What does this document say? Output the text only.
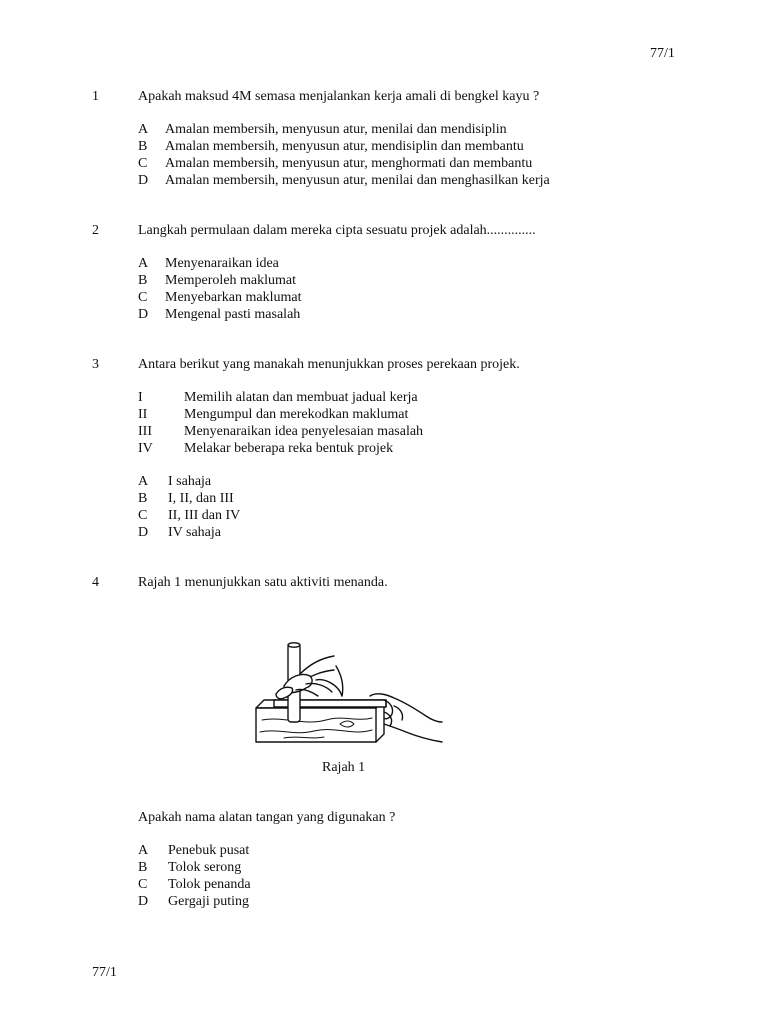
77/1
1	Apakah maksud 4M semasa menjalankan kerja amali di bengkel kayu ?
A Amalan membersih, menyusun atur, menilai dan mendisiplin
B Amalan membersih, menyusun atur, mendisiplin dan membantu
C Amalan membersih, menyusun atur, menghormati dan membantu
D Amalan membersih, menyusun atur, menilai dan menghasilkan kerja
2	Langkah permulaan dalam mereka cipta sesuatu projek adalah..............
A Menyenaraikan idea
B Memperoleh maklumat
C Menyebarkan maklumat
D Mengenal pasti masalah
3	Antara berikut yang manakah menunjukkan proses perekaan projek.
I	Memilih alatan dan membuat jadual kerja
II	Mengumpul dan merekodkan maklumat
III Menyenaraikan idea penyelesaian masalah
IV Melakar beberapa reka bentuk projek
A I sahaja
B I, II, dan III
C II, III dan IV
D IV sahaja
4	Rajah 1 menunjukkan satu aktiviti menanda.
Rajah 1
Apakah nama alatan tangan yang digunakan ?
A Penebuk pusat
B Tolok serong
C Tolok penanda
D Gergaji puting
77/1
